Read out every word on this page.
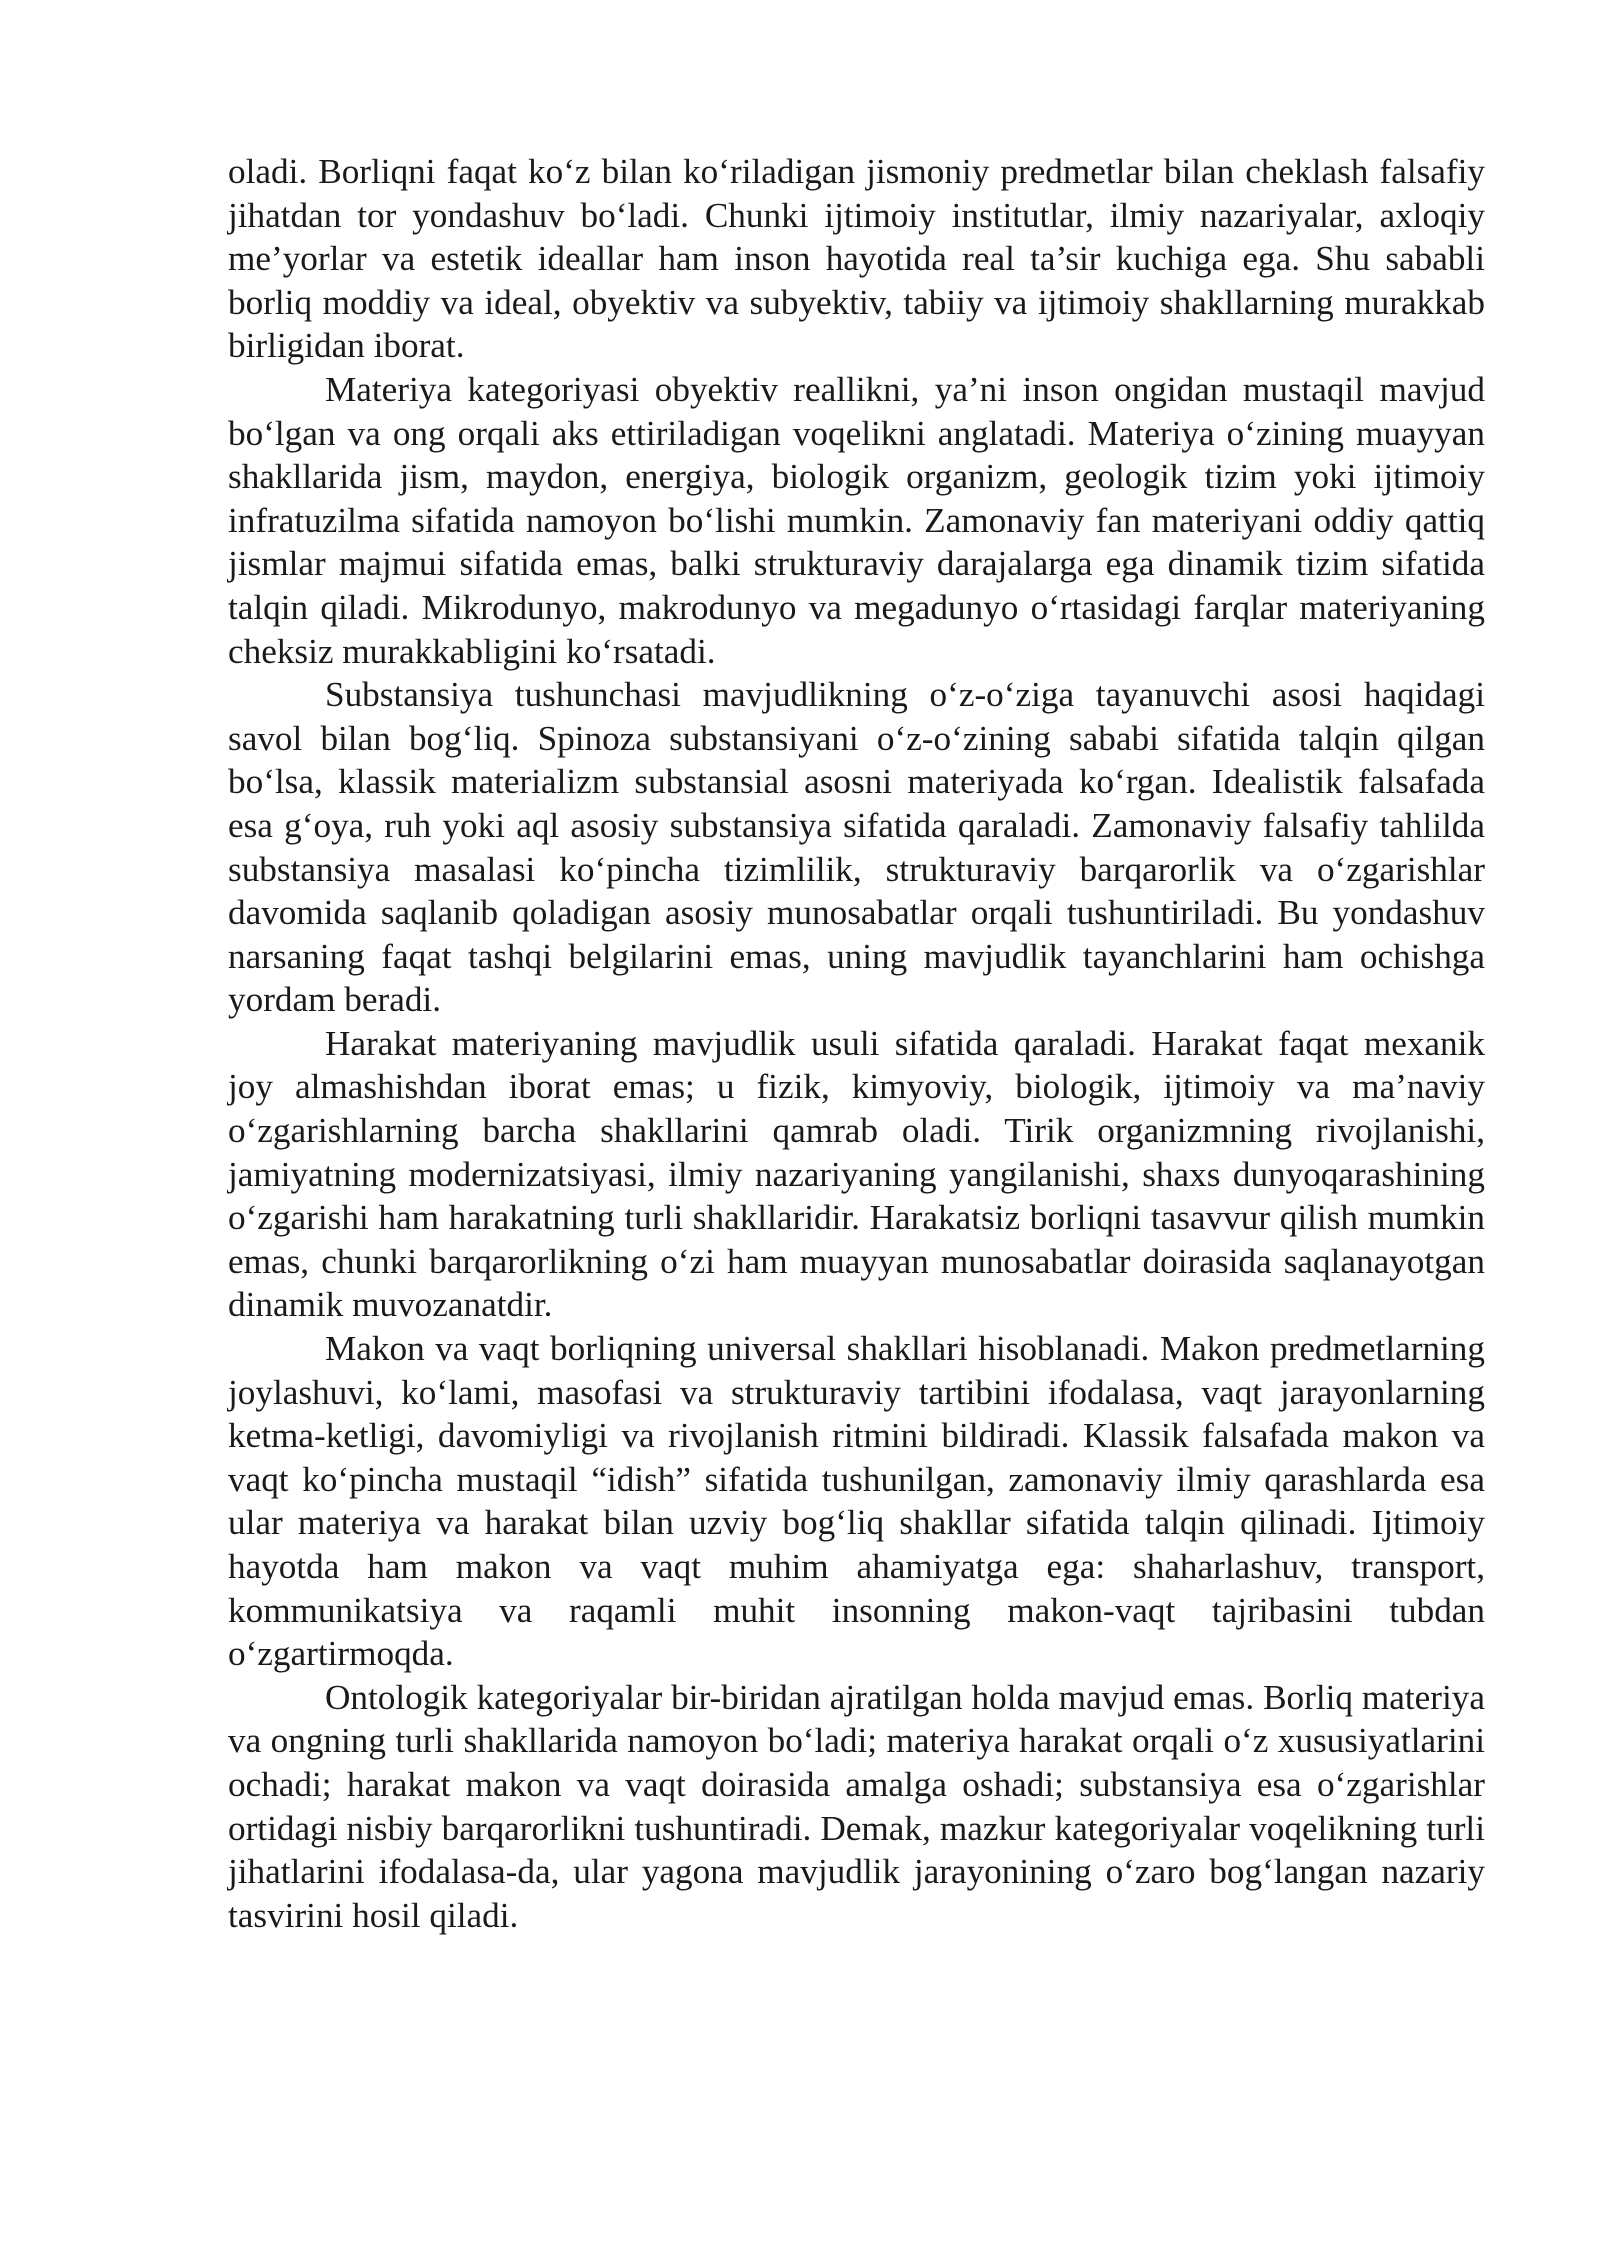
oladi. Borliqni faqat ko‘z bilan ko‘riladigan jismoniy predmetlar bilan cheklash falsafiy jihatdan tor yondashuv bo‘ladi. Chunki ijtimoiy institutlar, ilmiy nazariyalar, axloqiy me’yorlar va estetik ideallar ham inson hayotida real ta’sir kuchiga ega. Shu sababli borliq moddiy va ideal, obyektiv va subyektiv, tabiiy va ijtimoiy shakllarning murakkab birligidan iborat.

Materiya kategoriyasi obyektiv reallikni, ya’ni inson ongidan mustaqil mavjud bo‘lgan va ong orqali aks ettiriladigan voqelikni anglatadi. Materiya o‘zining muayyan shakllarida jism, maydon, energiya, biologik organizm, geologik tizim yoki ijtimoiy infratuzilma sifatida namoyon bo‘lishi mumkin. Zamonaviy fan materiyani oddiy qattiq jismlar majmui sifatida emas, balki strukturaviy darajalarga ega dinamik tizim sifatida talqin qiladi. Mikrodunyo, makrodunyo va megadunyo o‘rtasidagi farqlar materiyaning cheksiz murakkabligini ko‘rsatadi.

Substansiya tushunchasi mavjudlikning o‘z-o‘ziga tayanuvchi asosi haqidagi savol bilan bog‘liq. Spinoza substansiyani o‘z-o‘zining sababi sifatida talqin qilgan bo‘lsa, klassik materializm substansial asosni materiyada ko‘rgan. Idealistik falsafada esa g‘oya, ruh yoki aql asosiy substansiya sifatida qaraladi. Zamonaviy falsafiy tahlilda substansiya masalasi ko‘pincha tizimlilik, strukturaviy barqarorlik va o‘zgarishlar davomida saqlanib qoladigan asosiy munosabatlar orqali tushuntiriladi. Bu yondashuv narsaning faqat tashqi belgilarini emas, uning mavjudlik tayanchlarini ham ochishga yordam beradi.

Harakat materiyaning mavjudlik usuli sifatida qaraladi. Harakat faqat mexanik joy almashishdan iborat emas; u fizik, kimyoviy, biologik, ijtimoiy va ma’naviy o‘zgarishlarning barcha shakllarini qamrab oladi. Tirik organizmning rivojlanishi, jamiyatning modernizatsiyasi, ilmiy nazariyaning yangilanishi, shaxs dunyoqarashining o‘zgarishi ham harakatning turli shakllaridir. Harakatsiz borliqni tasavvur qilish mumkin emas, chunki barqarorlikning o‘zi ham muayyan munosabatlar doirasida saqlanayotgan dinamik muvozanatdir.

Makon va vaqt borliqning universal shakllari hisoblanadi. Makon predmetlarning joylashuvi, ko‘lami, masofasi va strukturaviy tartibini ifodalasa, vaqt jarayonlarning ketma-ketligi, davomiyligi va rivojlanish ritmini bildiradi. Klassik falsafada makon va vaqt ko‘pincha mustaqil “idish” sifatida tushunilgan, zamonaviy ilmiy qarashlarda esa ular materiya va harakat bilan uzviy bog‘liq shakllar sifatida talqin qilinadi. Ijtimoiy hayotda ham makon va vaqt muhim ahamiyatga ega: shaharlashuv, transport, kommunikatsiya va raqamli muhit insonning makon-vaqt tajribasini tubdan o‘zgartirmoqda.

Ontologik kategoriyalar bir-biridan ajratilgan holda mavjud emas. Borliq materiya va ongning turli shakllarida namoyon bo‘ladi; materiya harakat orqali o‘z xususiyatlarini ochadi; harakat makon va vaqt doirasida amalga oshadi; substansiya esa o‘zgarishlar ortidagi nisbiy barqarorlikni tushuntiradi. Demak, mazkur kategoriyalar voqelikning turli jihatlarini ifodalasa-da, ular yagona mavjudlik jarayonining o‘zaro bog‘langan nazariy tasvirini hosil qiladi.
